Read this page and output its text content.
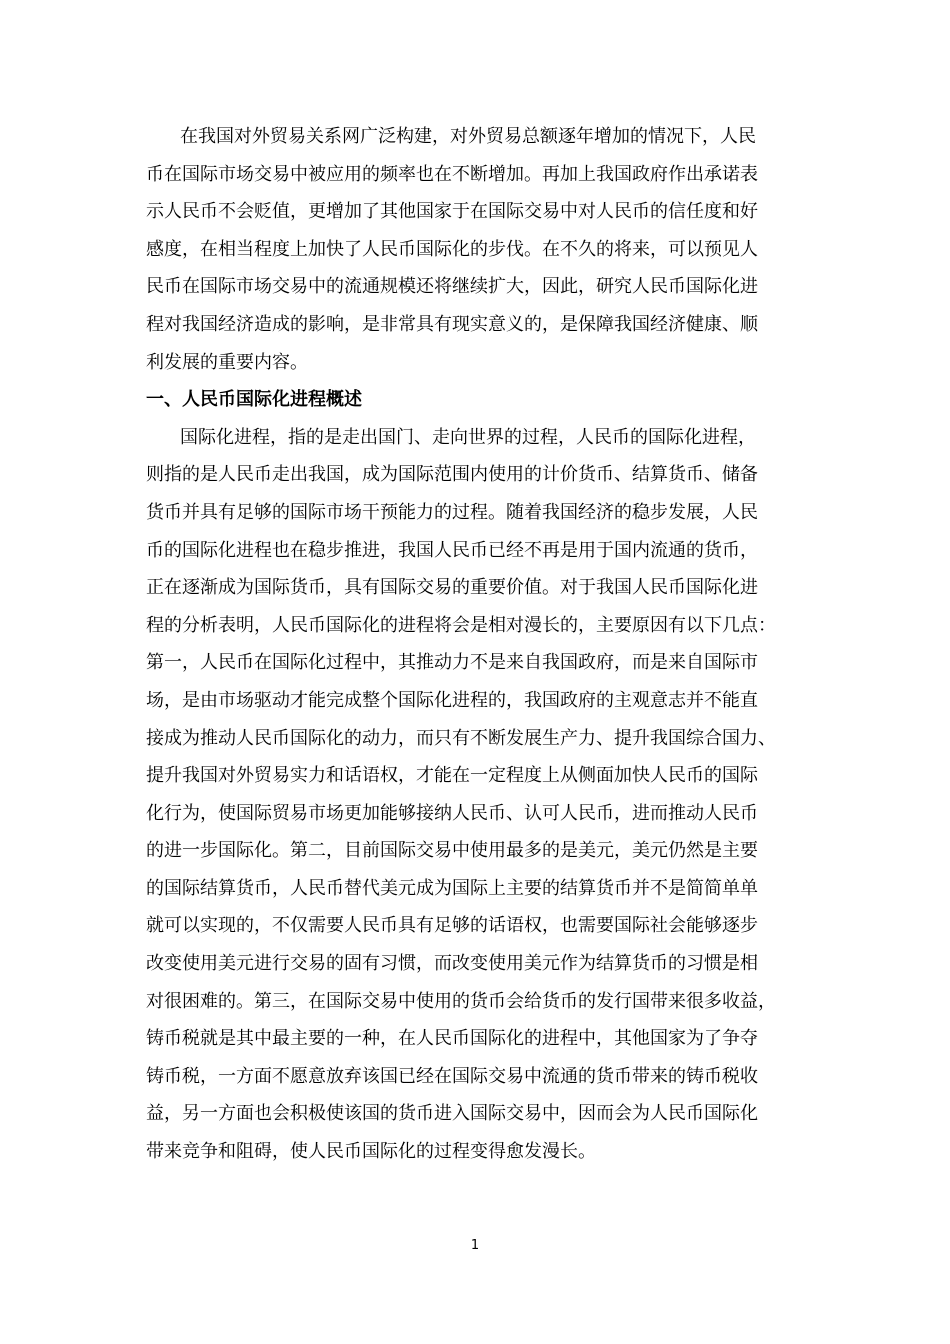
在我国对外贸易关系网广泛构建，对外贸易总额逐年增加的情况下，人民
币在国际市场交易中被应用的频率也在不断增加。再加上我国政府作出承诺表
示人民币不会贬值，更增加了其他国家于在国际交易中对人民币的信任度和好
感度，在相当程度上加快了人民币国际化的步伐。在不久的将来，可以预见人
民币在国际市场交易中的流通规模还将继续扩大，因此，研究人民币国际化进
程对我国经济造成的影响，是非常具有现实意义的，是保障我国经济健康、顺
利发展的重要内容。

一、人民币国际化进程概述

国际化进程，指的是走出国门、走向世界的过程，人民币的国际化进程，
则指的是人民币走出我国，成为国际范围内使用的计价货币、结算货币、储备
货币并具有足够的国际市场干预能力的过程。随着我国经济的稳步发展，人民
币的国际化进程也在稳步推进，我国人民币已经不再是用于国内流通的货币，
正在逐渐成为国际货币，具有国际交易的重要价值。对于我国人民币国际化进
程的分析表明，人民币国际化的进程将会是相对漫长的，主要原因有以下几点：
第一，人民币在国际化过程中，其推动力不是来自我国政府，而是来自国际市
场，是由市场驱动才能完成整个国际化进程的，我国政府的主观意志并不能直
接成为推动人民币国际化的动力，而只有不断发展生产力、提升我国综合国力、
提升我国对外贸易实力和话语权，才能在一定程度上从侧面加快人民币的国际
化行为，使国际贸易市场更加能够接纳人民币、认可人民币，进而推动人民币
的进一步国际化。第二，目前国际交易中使用最多的是美元，美元仍然是主要
的国际结算货币，人民币替代美元成为国际上主要的结算货币并不是简简单单
就可以实现的，不仅需要人民币具有足够的话语权，也需要国际社会能够逐步
改变使用美元进行交易的固有习惯，而改变使用美元作为结算货币的习惯是相
对很困难的。第三，在国际交易中使用的货币会给货币的发行国带来很多收益，
铸币税就是其中最主要的一种，在人民币国际化的进程中，其他国家为了争夺
铸币税，一方面不愿意放弃该国已经在国际交易中流通的货币带来的铸币税收
益，另一方面也会积极使该国的货币进入国际交易中，因而会为人民币国际化
带来竞争和阻碍，使人民币国际化的过程变得愈发漫长。

1
